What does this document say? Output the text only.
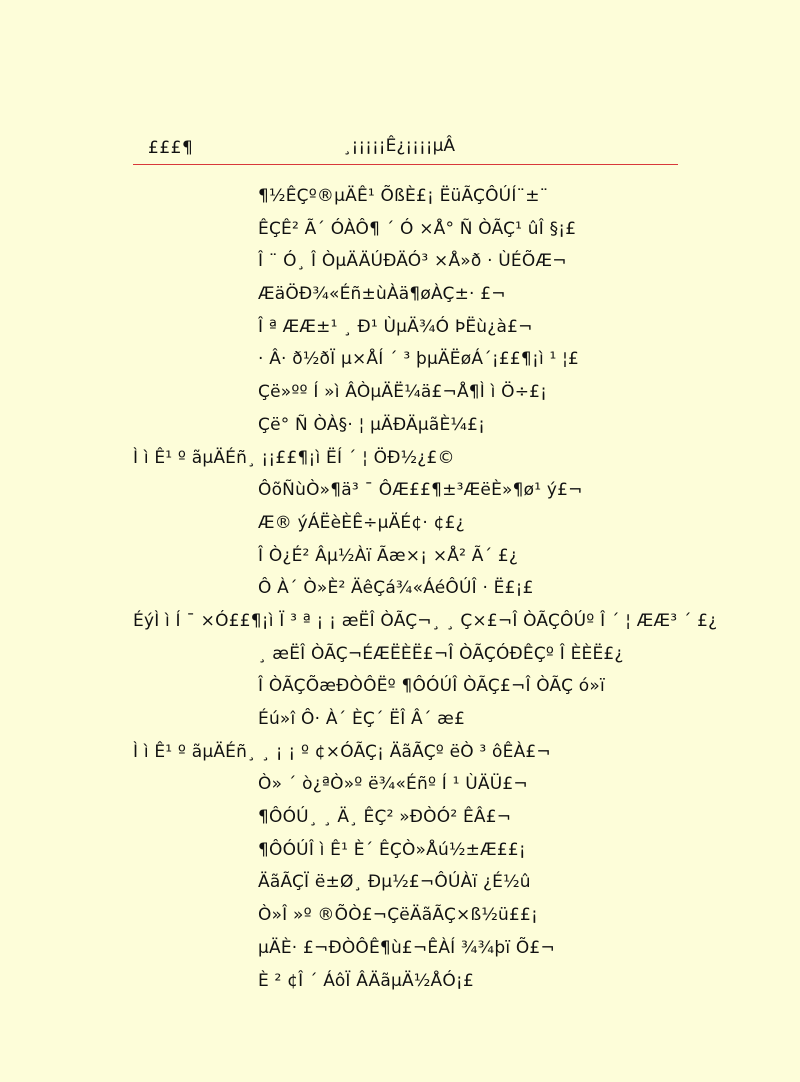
£££¶	¸¡¡¡¡¡Ê¿¡¡¡¡µÂ
¶½ÊÇº®µÄÊ¹ ÕßÈ£¡ ËüÃÇÔÚÍ¨±¨
ÊÇÊ² Ã´ ÓÀÔ¶ ´ Ó ×Å° Ñ ÒÃÇ¹ ûÎ §¡£
Î ¨ Ó¸ Î ÒµÄÄÚÐÄÓ³ ×Å»ð · ÙÉÕÆ¬
ÆäÖÐ¾«Éñ±ùÀä¶øÀÇ±· £¬
Î ª ÆÆ±¹ ¸ Ð¹ ÙµÄ¾Ó ÞËù¿à£¬
· Â· ð½ðÏ µ×ÅÍ ´ ³ þµÄËøÁ´¡££¶¡ì ¹ ¦£
Çë»ºº Í »ì ÂÒµÄË¼ä£¬Å¶Ì ì Ö÷£¡
Çë° Ñ ÒÀ§· ¦ µÄÐÄµãÈ¼£¡
Ì ì Ê¹ º ãµÄÉñ¸ ¡¡££¶¡ì ËÍ ´ ¦ ÖÐ½¿£©
ÔõÑùÒ»¶ä³ ¯ ÔÆ££¶±³ÆëÈ»¶ø¹ ý£¬
Æ® ýÁËèÈÊ÷µÄÉ¢· ¢£¿
Î Ò¿É² Âµ½Àï Ãæ×¡ ×Å² Ã´ £¿
Ô À´ Ò»È² ÄêÇá¾«ÁéÔÚÎ · Ë£¡£
ÉýÌ ì Í ¯ ×Ó££¶¡ì Ï ³ ª ¡ ¡ æËÎ ÒÃÇ¬¸ ¸ Ç×£¬Î ÒÃÇÔÚº Î ´ ¦ ÆÆ³ ´ £¿
¸ æËÎ ÒÃÇ¬ÉÆËÈË£¬Î ÒÃÇÓÐÊÇº Î ÈÈË£¿
Î ÒÃÇÕæÐÒÔËº ¶ÔÓÚÎ ÒÃÇ£¬Î ÒÃÇ ó»ï
Éú»î Ô· À´ ÈÇ´ ËÎ Â´ æ£
Ì ì Ê¹ º ãµÄÉñ¸ ¸ ¡ ¡ º ¢×ÓÃÇ¡ ÄãÃÇº ëÒ ³ ôÊÀ£¬
Ò» ´ ò¿ªÒ»º ë¾«Éñº Í ¹ ÙÄÜ£¬
¶ÔÓÚ¸ ¸ Ä¸ ÊÇ² »ÐÒÓ² ÊÂ£¬
¶ÔÓÚÎ ì Ê¹ È´ ÊÇÒ»Åú½±Æ££¡
ÄãÃÇÏ ë±Ø¸ Ðµ½£¬ÔÚÀï ¿É½û
Ò»Î »º ®ÕÒ£¬ÇëÄãÃÇ×ß½ü££¡
µÄÈ· £¬ÐÒÔÊ¶ù£¬ÊÀÍ ¾¾þï Õ£¬
È ² ¢Î ´ ÁôÏ ÂÄãµÄ½ÅÓ¡£
